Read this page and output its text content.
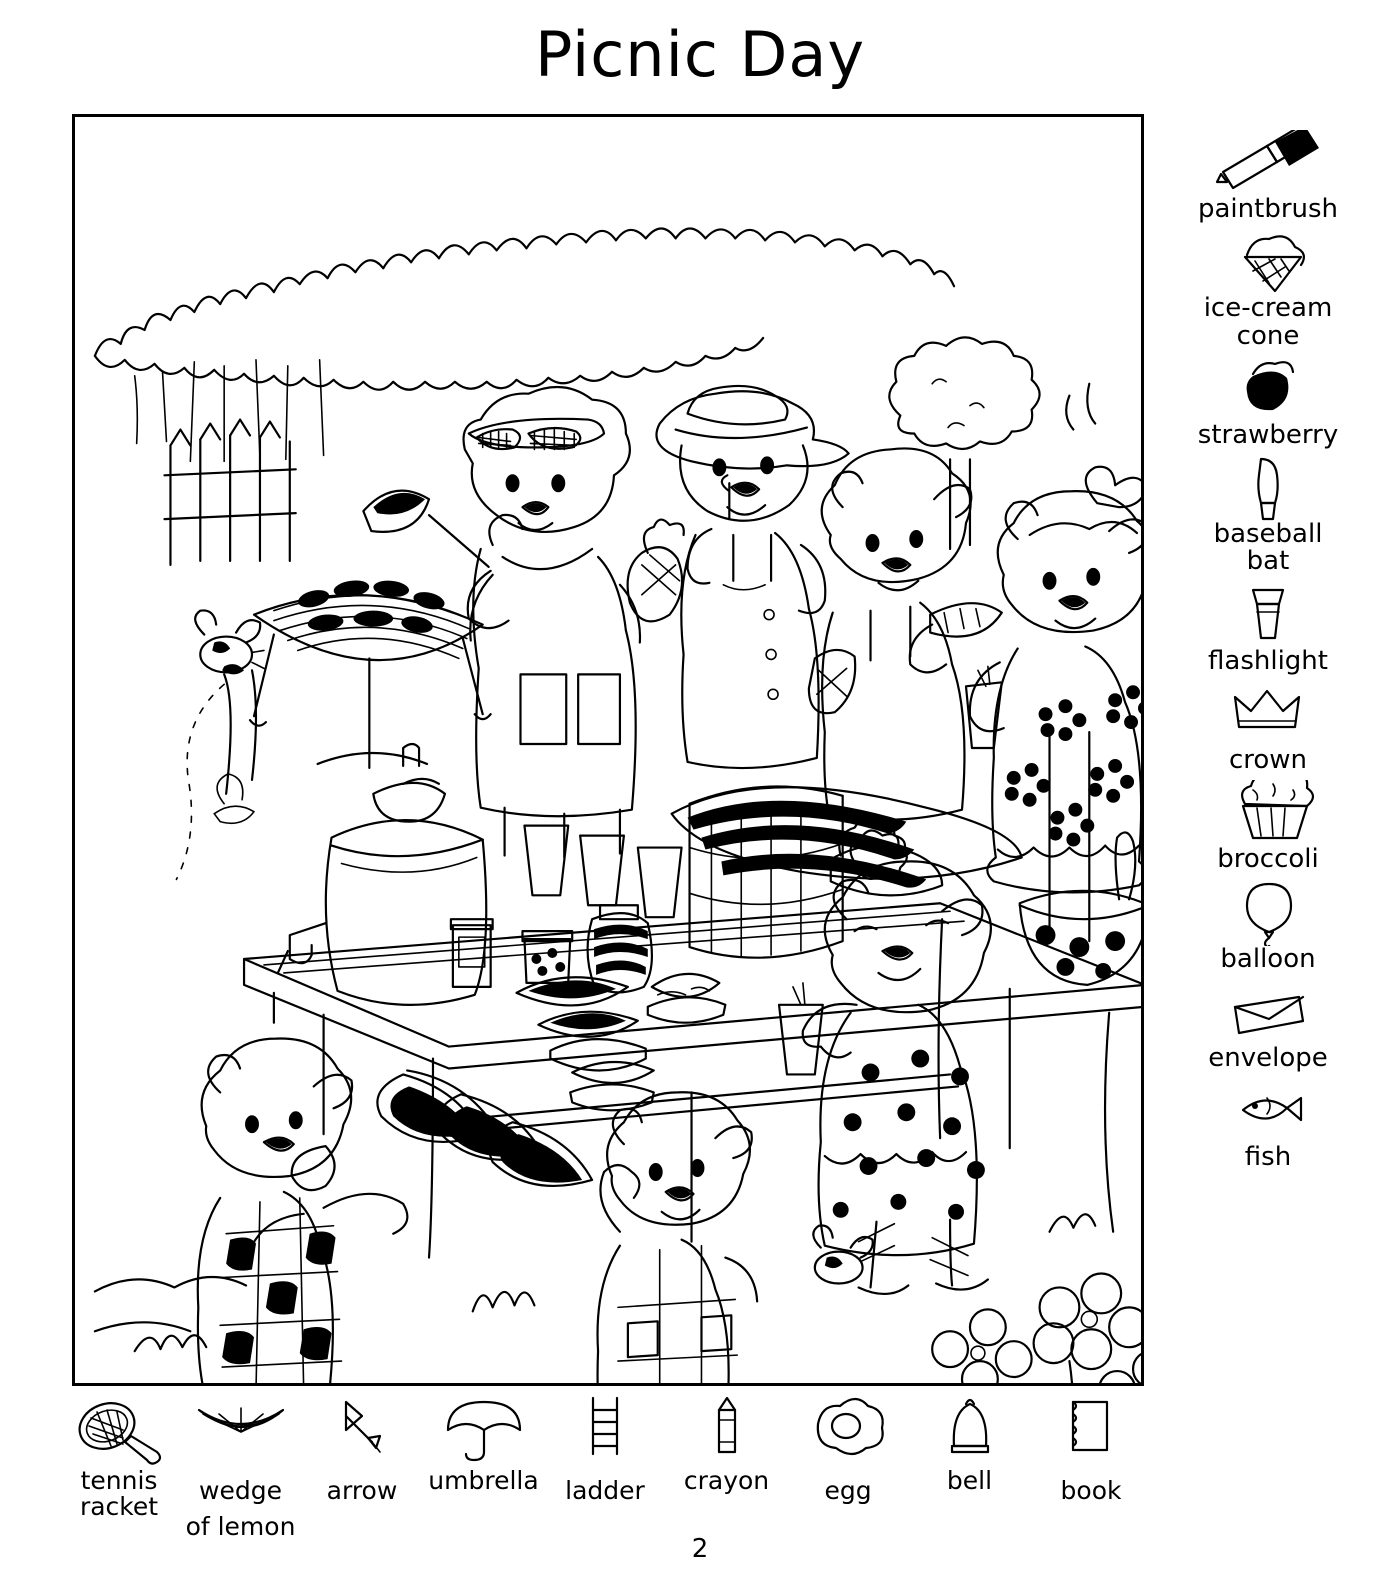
Picnic Day
paintbrush
ice-cream
cone
strawberry
baseball
bat
flashlight
crown
broccoli
balloon
envelope
fish
tennis
racket
wedge
of lemon
arrow umbrella ladder crayon egg	bell	book
2
